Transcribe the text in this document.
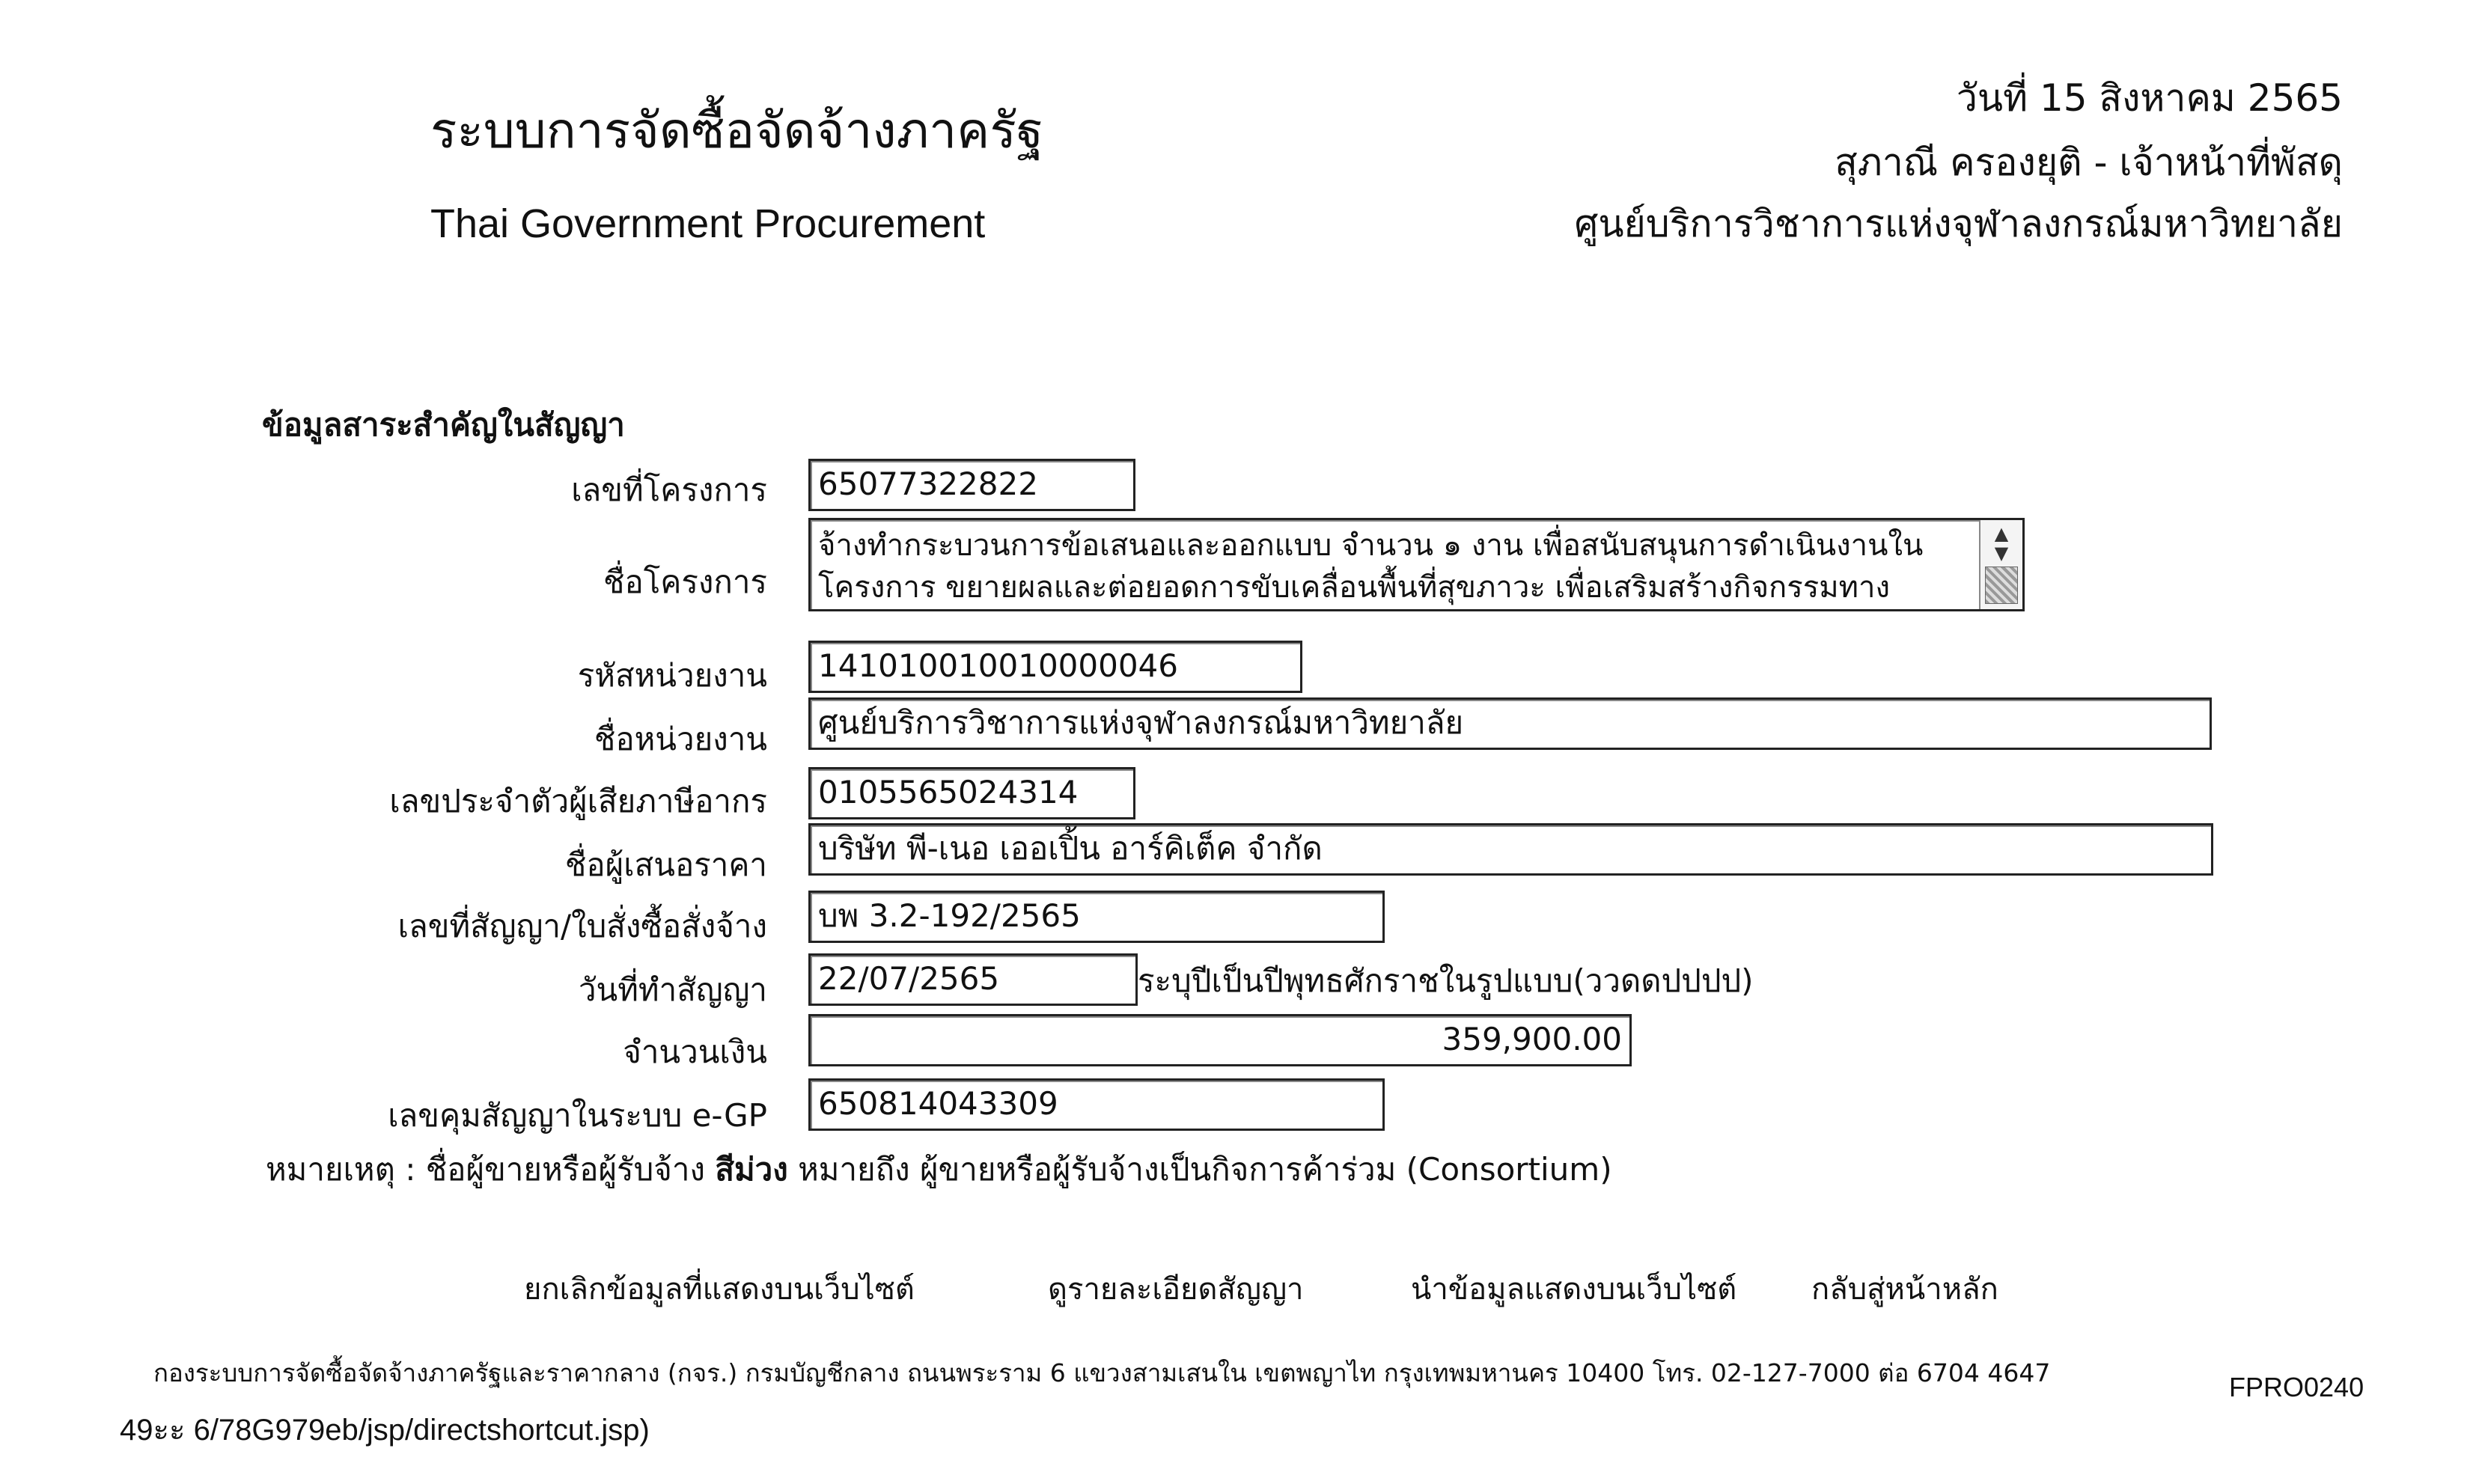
ระบบการจัดซื้อจัดจ้างภาครัฐ
Thai Government Procurement
วันที่ 15 สิงหาคม 2565
สุภาณี ครองยุติ - เจ้าหน้าที่พัสดุ
ศูนย์บริการวิชาการแห่งจุฬาลงกรณ์มหาวิทยาลัย
ข้อมูลสาระสำคัญในสัญญา
เลขที่โครงการ	65077322822
ชื่อโครงการ
จ้างทำกระบวนการข้อเสนอและออกแบบ จำนวน ๑ งาน เพื่อสนับสนุนการดำเนินงานใน
โครงการ ขยายผลและต่อยอดการขับเคลื่อนพื้นที่สุขภาวะ เพื่อเสริมสร้างกิจกรรมทาง
▲
▼
รหัสหน่วยงาน	141010010010000046
ชื่อหน่วยงาน	ศูนย์บริการวิชาการแห่งจุฬาลงกรณ์มหาวิทยาลัย
เลขประจำตัวผู้เสียภาษีอากร	0105565024314
ชื่อผู้เสนอราคา	บริษัท พี-เนอ เออเปิ้น อาร์คิเต็ค จำกัด
เลขที่สัญญา/ใบสั่งซื้อสั่งจ้าง	บพ 3.2-192/2565
วันที่ทำสัญญา	22/07/2565	ระบุปีเป็นปีพุทธศักราชในรูปแบบ(ววดดปปปป)
จำนวนเงิน	359,900.00
เลขคุมสัญญาในระบบ e-GP	650814043309
หมายเหตุ : ชื่อผู้ขายหรือผู้รับจ้าง สีม่วง หมายถึง ผู้ขายหรือผู้รับจ้างเป็นกิจการค้าร่วม (Consortium)
ยกเลิกข้อมูลที่แสดงบนเว็บไซต์	ดูรายละเอียดสัญญา	นำข้อมูลแสดงบนเว็บไซต์ กลับสู่หน้าหลัก
กองระบบการจัดซื้อจัดจ้างภาครัฐและราคากลาง (กจร.) กรมบัญชีกลาง ถนนพระราม 6 แขวงสามเสนใน เขตพญาไท กรุงเทพมหานคร 10400 โทร. 02-127-7000 ต่อ 6704 4647	FPRO0240
49ะะ 6/78G979eb/jsp/directshortcut.jsp)
